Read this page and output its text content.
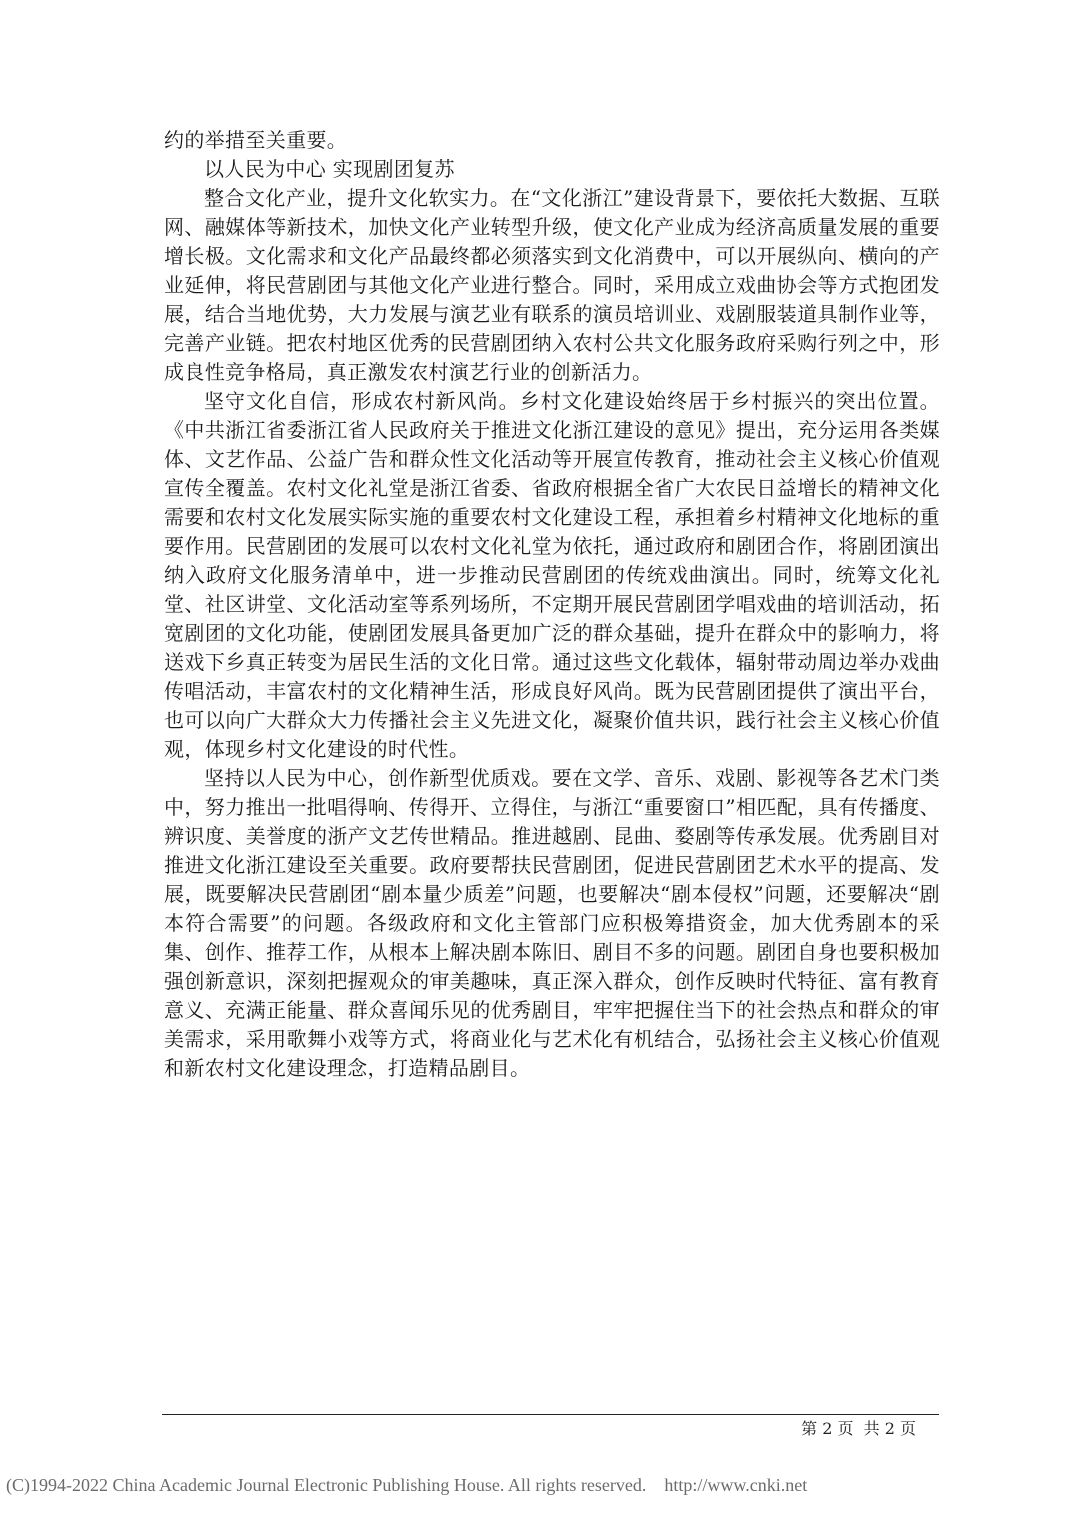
约的举措至关重要。

以人民为中心 实现剧团复苏

整合文化产业，提升文化软实力。在“文化浙江”建设背景下，要依托大数据、互联网、融媒体等新技术，加快文化产业转型升级，使文化产业成为经济高质量发展的重要增长极。文化需求和文化产品最终都必须落实到文化消费中，可以开展纵向、横向的产业延伸，将民营剧团与其他文化产业进行整合。同时，采用成立戏曲协会等方式抱团发展，结合当地优势，大力发展与演艺业有联系的演员培训业、戏剧服装道具制作业等，完善产业链。把农村地区优秀的民营剧团纳入农村公共文化服务政府采购行列之中，形成良性竞争格局，真正激发农村演艺行业的创新活力。

坚守文化自信，形成农村新风尚。乡村文化建设始终居于乡村振兴的突出位置。《中共浙江省委浙江省人民政府关于推进文化浙江建设的意见》提出，充分运用各类媒体、文艺作品、公益广告和群众性文化活动等开展宣传教育，推动社会主义核心价值观宣传全覆盖。农村文化礼堂是浙江省委、省政府根据全省广大农民日益增长的精神文化需要和农村文化发展实际实施的重要农村文化建设工程，承担着乡村精神文化地标的重要作用。民营剧团的发展可以农村文化礼堂为依托，通过政府和剧团合作，将剧团演出纳入政府文化服务清单中，进一步推动民营剧团的传统戏曲演出。同时，统筹文化礼堂、社区讲堂、文化活动室等系列场所，不定期开展民营剧团学唱戏曲的培训活动，拓宽剧团的文化功能，使剧团发展具备更加广泛的群众基础，提升在群众中的影响力，将送戏下乡真正转变为居民生活的文化日常。通过这些文化载体，辐射带动周边举办戏曲传唱活动，丰富农村的文化精神生活，形成良好风尚。既为民营剧团提供了演出平台，也可以向广大群众大力传播社会主义先进文化，凝聚价值共识，践行社会主义核心价值观，体现乡村文化建设的时代性。

坚持以人民为中心，创作新型优质戏。要在文学、音乐、戏剧、影视等各艺术门类中，努力推出一批唱得响、传得开、立得住，与浙江“重要窗口”相匹配，具有传播度、辨识度、美誉度的浙产文艺传世精品。推进越剧、昆曲、婺剧等传承发展。优秀剧目对推进文化浙江建设至关重要。政府要帮扶民营剧团，促进民营剧团艺术水平的提高、发展，既要解决民营剧团“剧本量少质差”问题，也要解决“剧本侵权”问题，还要解决“剧本符合需要”的问题。各级政府和文化主管部门应积极筹措资金，加大优秀剧本的采集、创作、推荐工作，从根本上解决剧本陈旧、剧目不多的问题。剧团自身也要积极加强创新意识，深刻把握观众的审美趣味，真正深入群众，创作反映时代特征、富有教育意义、充满正能量、群众喜闻乐见的优秀剧目，牢牢把握住当下的社会热点和群众的审美需求，采用歌舞小戏等方式，将商业化与艺术化有机结合，弘扬社会主义核心价值观和新农村文化建设理念，打造精品剧目。

第 2 页  共 2 页
(C)1994-2022 China Academic Journal Electronic Publishing House. All rights reserved.    http://www.cnki.net
